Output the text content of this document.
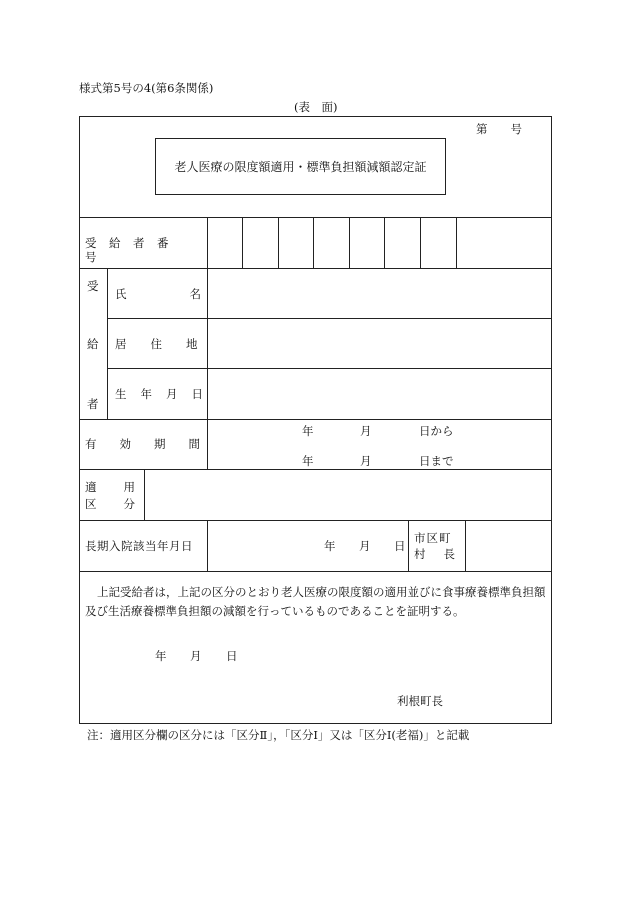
様式第5号の4(第6条関係)
(表　面)
第　　号
老人医療の限度額適用・標準負担額減額認定証
受給者番号
受
給
者
氏名
居住地
生年月日
有効期間
年	月	日から
年	月	日まで
適用
区分
長期入院該当年月日	年 月 日
市区町
村長
上記受給者は，上記の区分のとおり老人医療の限度額の適用並びに食事療養標準負担額及び生活療養標準負担額の減額を行っているものであることを証明する。
年 月 日
利根町長
注：適用区分欄の区分には「区分Ⅱ」，「区分Ⅰ」又は「区分Ⅰ(老福)」と記載
